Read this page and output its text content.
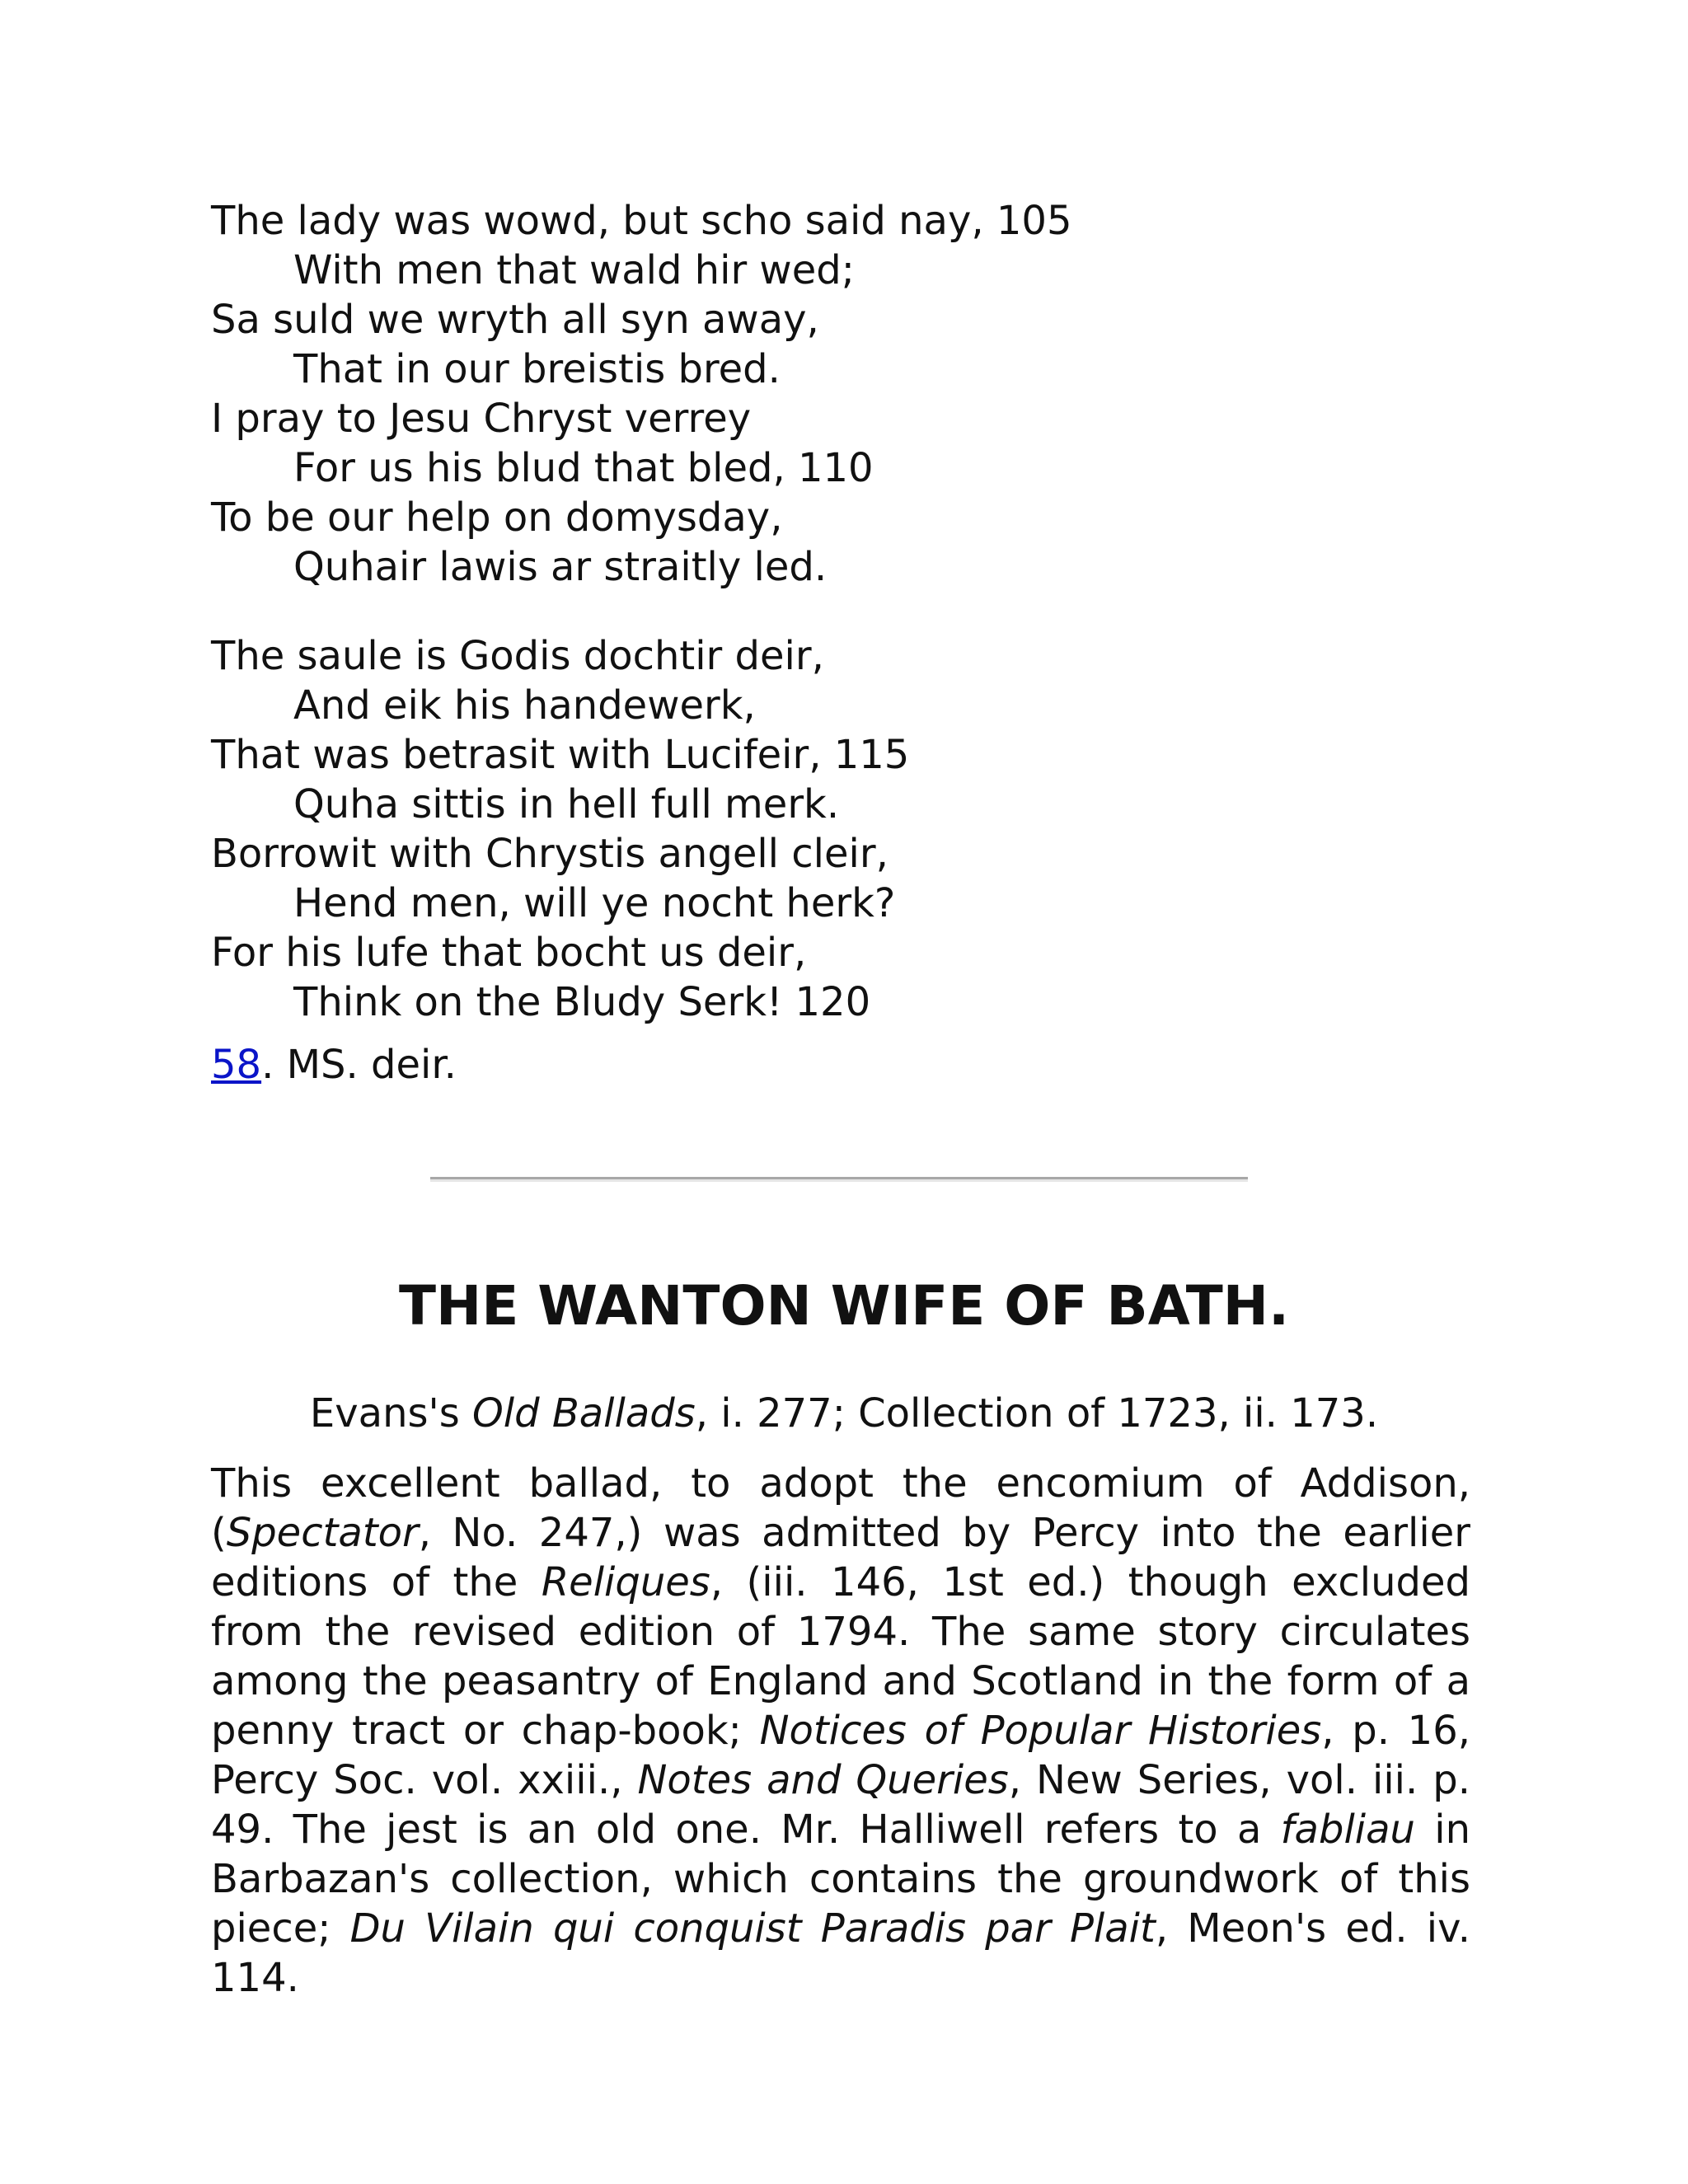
The lady was wowd, but scho said nay, 105
With men that wald hir wed;
Sa suld we wryth all syn away,
That in our breistis bred.
I pray to Jesu Chryst verrey
For us his blud that bled, 110
To be our help on domysday,
Quhair lawis ar straitly led.
The saule is Godis dochtir deir,
And eik his handewerk,
That was betrasit with Lucifeir, 115
Quha sittis in hell full merk.
Borrowit with Chrystis angell cleir,
Hend men, will ye nocht herk?
For his lufe that bocht us deir,
Think on the Bludy Serk! 120
58. MS. deir.
THE WANTON WIFE OF BATH.

Evans's Old Ballads, i. 277; Collection of 1723, ii. 173.

This excellent ballad, to adopt the encomium of Addison, (Spectator, No. 247,) was admitted by Percy into the earlier editions of the Reliques, (iii. 146, 1st ed.) though excluded from the revised edition of 1794. The same story circulates among the peasantry of England and Scotland in the form of a penny tract or chap-book; Notices of Popular Histories, p. 16, Percy Soc. vol. xxiii., Notes and Queries, New Series, vol. iii. p. 49. The jest is an old one. Mr. Halliwell refers to a fabliau in Barbazan's collection, which contains the groundwork of this piece; Du Vilain qui conquist Paradis par Plait, Meon's ed. iv. 114.
